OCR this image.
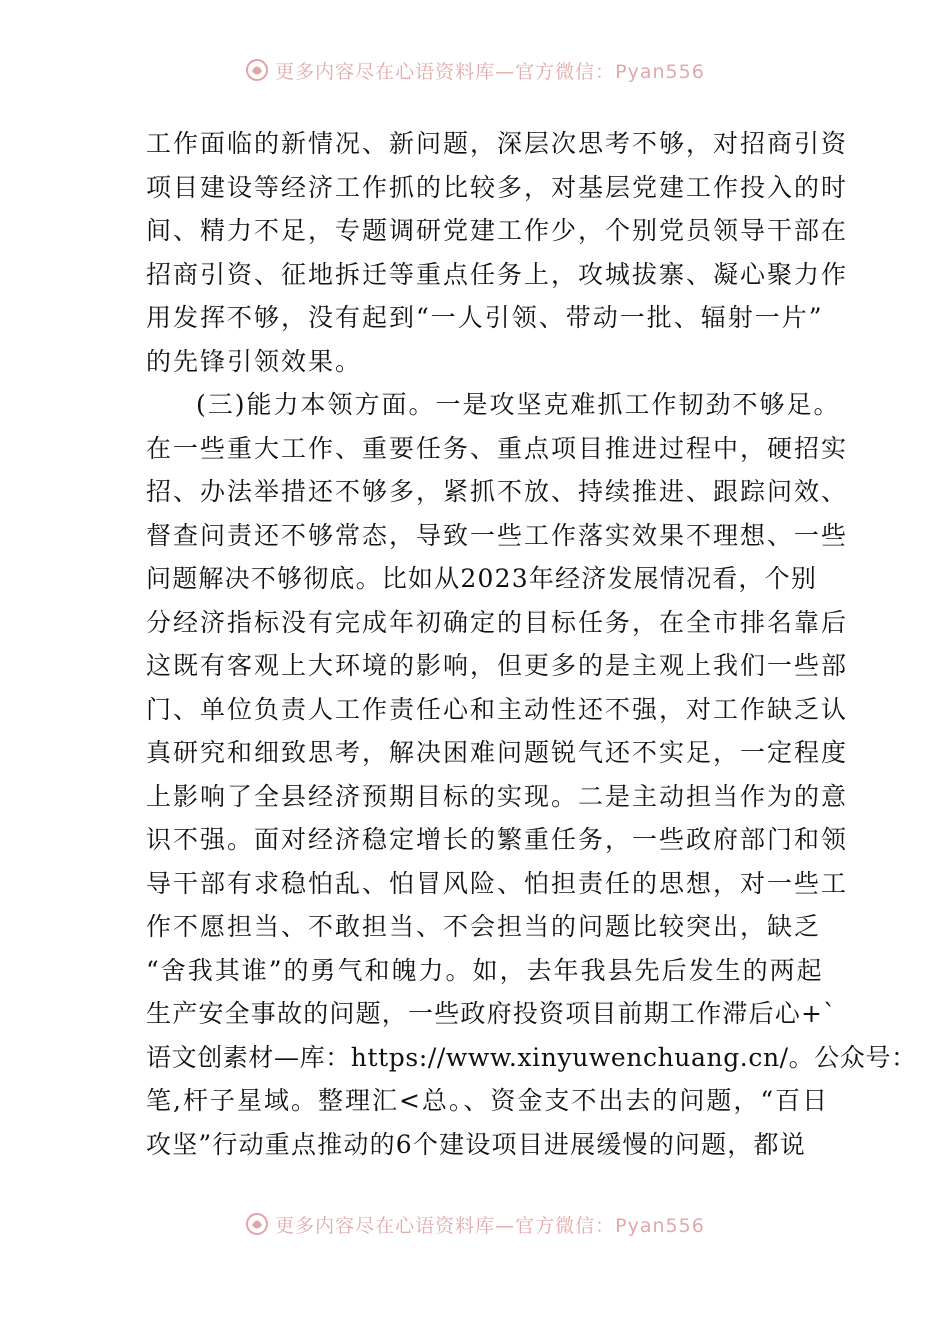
更多内容尽在心语资料库—官方微信：Pyan556
工作面临的新情况、新问题，深层次思考不够，对招商引资
项目建设等经济工作抓的比较多，对基层党建工作投入的时
间、精力不足，专题调研党建工作少，个别党员领导干部在
招商引资、征地拆迁等重点任务上，攻城拔寨、凝心聚力作
用发挥不够，没有起到“一人引领、带动一批、辐射一片”
的先锋引领效果。
(三)能力本领方面。一是攻坚克难抓工作韧劲不够足。
在一些重大工作、重要任务、重点项目推进过程中，硬招实
招、办法举措还不够多，紧抓不放、持续推进、跟踪问效、
督查问责还不够常态，导致一些工作落实效果不理想、一些
问题解决不够彻底。比如从2023年经济发展情况看，个别
分经济指标没有完成年初确定的目标任务，在全市排名靠后
这既有客观上大环境的影响，但更多的是主观上我们一些部
门、单位负责人工作责任心和主动性还不强，对工作缺乏认
真研究和细致思考，解决困难问题锐气还不实足，一定程度
上影响了全县经济预期目标的实现。二是主动担当作为的意
识不强。面对经济稳定增长的繁重任务，一些政府部门和领
导干部有求稳怕乱、怕冒风险、怕担责任的思想，对一些工
作不愿担当、不敢担当、不会担当的问题比较突出，缺乏
“舍我其谁”的勇气和魄力。如，去年我县先后发生的两起
生产安全事故的问题，一些政府投资项目前期工作滞后心+`
语文创素材—库：https://www.xinyuwenchuang.cn/。公众号：
笔,杆子星域。整理汇<总。、资金支不出去的问题，“百日
攻坚”行动重点推动的6个建设项目进展缓慢的问题，都说
更多内容尽在心语资料库—官方微信：Pyan556
